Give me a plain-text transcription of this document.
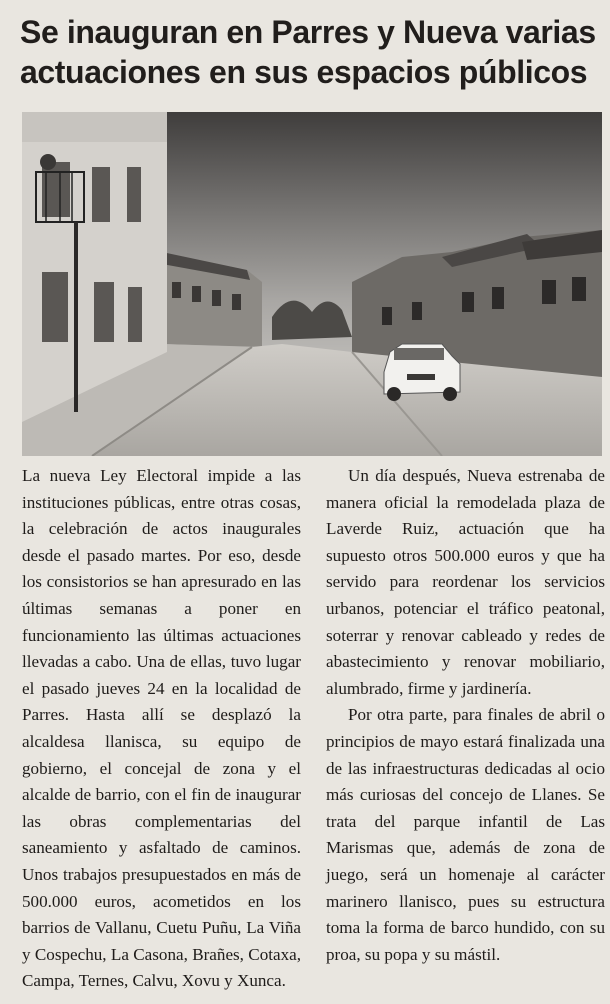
Se inauguran en Parres y Nueva varias
actuaciones en sus espacios públicos

La nueva Ley Electoral impide a las instituciones públicas, entre otras cosas, la celebración de actos inaugurales desde el pasado martes. Por eso, desde los consistorios se han apresurado en las últimas semanas a poner en funcionamiento las últimas actuaciones llevadas a cabo. Una de ellas, tuvo lugar el pasado jueves 24 en la localidad de Parres. Hasta allí se desplazó la alcaldesa llanisca, su equipo de gobierno, el concejal de zona y el alcalde de barrio, con el fin de inaugurar las obras complementarias del saneamiento y asfaltado de caminos. Unos trabajos presupuestados en más de 500.000 euros, acometidos en los barrios de Vallanu, Cuetu Puñu, La Viña y Cospechu, La Casona, Brañes, Cotaxa, Campa, Ternes, Calvu, Xovu y Xunca.

Un día después, Nueva estrenaba de manera oficial la remodelada plaza de Laverde Ruiz, actuación que ha supuesto otros 500.000 euros y que ha servido para reordenar los servicios urbanos, potenciar el tráfico peatonal, soterrar y renovar cableado y redes de abastecimiento y renovar mobiliario, alumbrado, firme y jardinería.

Por otra parte, para finales de abril o principios de mayo estará finalizada una de las infraestructuras dedicadas al ocio más curiosas del concejo de Llanes. Se trata del parque infantil de Las Marismas que, además de zona de juego, será un homenaje al carácter marinero llanisco, pues su estructura toma la forma de barco hundido, con su proa, su popa y su mástil.
